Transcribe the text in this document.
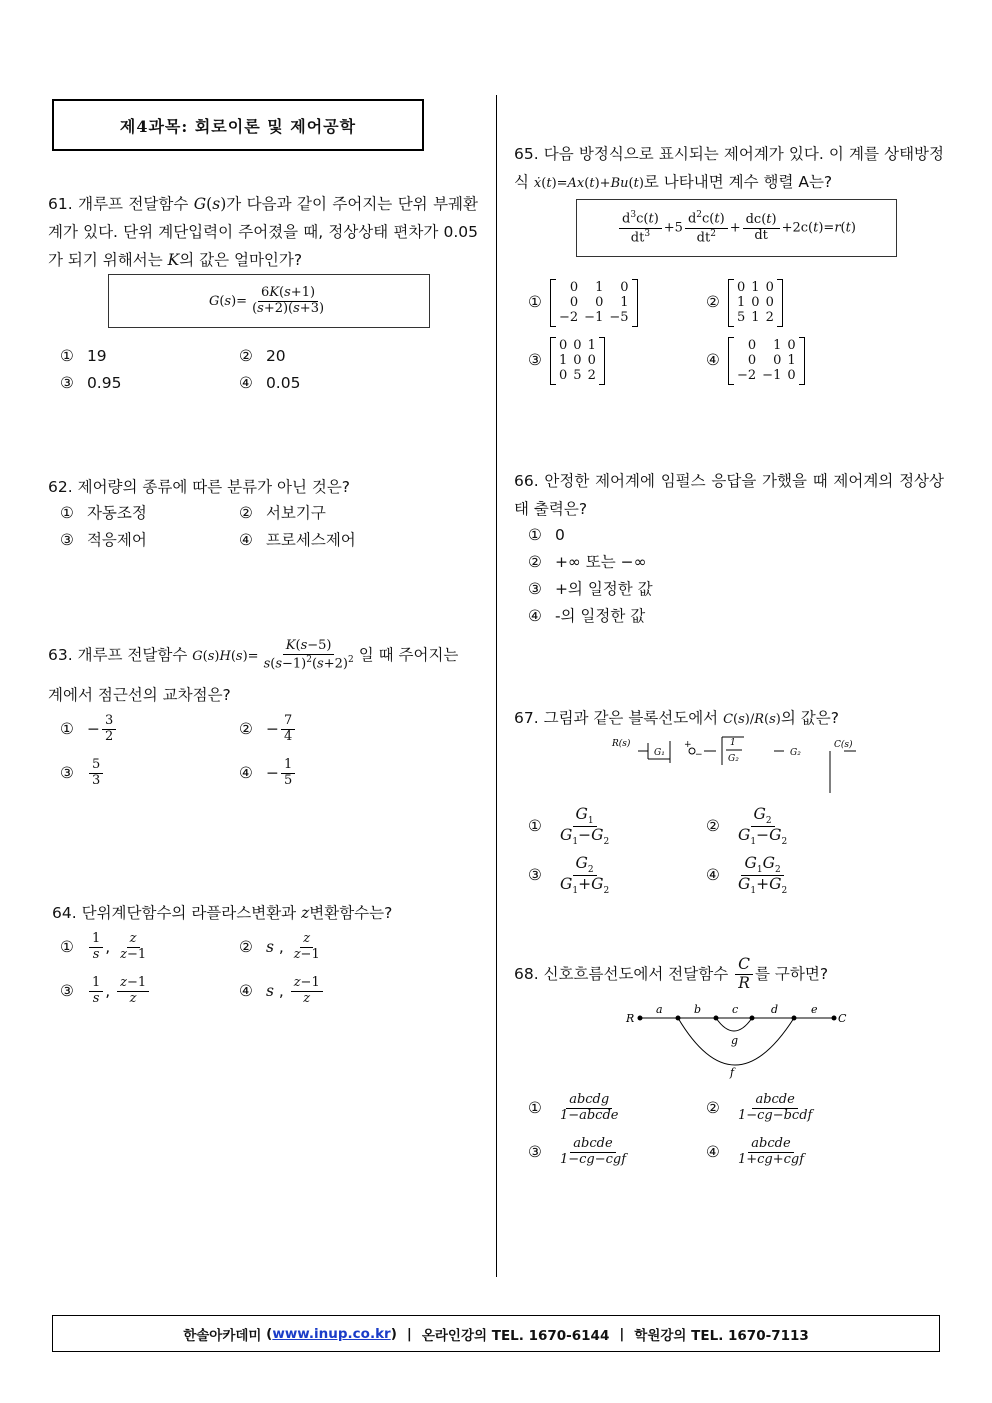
제4과목: 회로이론 및 제어공학
61. 개루프 전달함수 G(s)가 다음과 같이 주어지는 단위 부궤환계가 있다. 단위 계단입력이 주어졌을 때, 정상상태 편차가 0.05가 되기 위해서는 K의 값은 얼마인가?
$G(s)= \frac{6K(s+1)}{(s+2)(s+3)}$
① 19	② 20
③ 0.95	④ 0.05
62. 제어량의 종류에 따른 분류가 아닌 것은?
① 자동조정	② 서보기구
③ 적응제어	④ 프로세스제어
63. 개루프 전달함수 $G(s)H(s)= \frac{K(s-5)}{s(s-1)^2(s+2)^2}$ 일 때 주어지는 계에서 점근선의 교차점은?
① − $\frac{3}{2}$	② − $\frac{7}{4}$
③ $\frac{5}{3}$	④ − $\frac{1}{5}$
64. 단위계단함수의 라플라스변환과 z변환함수는?
① $\frac{1}{s}$ , $\frac{z}{z-1}$	② s , $\frac{z}{z-1}$
③ $\frac{1}{s}$ , $\frac{z-1}{z}$	④ s , $\frac{z-1}{z}$
65. 다음 방정식으로 표시되는 제어계가 있다. 이 계를 상태방정식 ẋ(t)=Ax(t)+Bu(t)로 나타내면 계수 행렬 A는?
$\frac{d^3c(t)}{dt^3} +5 \frac{d^2c(t)}{dt^2} + \frac{dc(t)}{dt} +2c(t)=r(t)$
①
0	1	0
0	0	1
−2	−1	−5
②
0	1	0
1	0	0
5	1	2
③
0	0	1
1	0	0
0	5	2
④
0	1	0
0	0	1
−2	−1	0
66. 안정한 제어계에 임펄스 응답을 가했을 때 제어계의 정상상태 출력은?
① 0
② +∞ 또는 −∞
③ +의 일정한 값
④ -의 일정한 값
67. 그림과 같은 블록선도에서 C(s)/R(s)의 값은?
R(s)
G₁
+
−
1
G₂
G₂
C(s)
① $\frac{G_1}{G_1-G_2}$	② $\frac{G_2}{G_1-G_2}$
③ $\frac{G_2}{G_1+G_2}$	④ $\frac{G_1G_2}{G_1+G_2}$
68. 신호흐름선도에서 전달함수 $\frac{C}{R}$ 를 구하면?
R
a	b	c	d	e
C
g
f
① $\frac{\text{abcdg}}{\text{1−abcde}}$	② $\frac{\text{abcde}}{\text{1−cg−bcdf}}$
③ $\frac{\text{abcde}}{\text{1−cg−cgf}}$	④ $\frac{\text{abcde}}{\text{1+cg+cgf}}$
한솔아카데미 ( www.inup.co.kr ) | 온라인강의 TEL. 1670-6144 | 학원강의 TEL. 1670-7113
